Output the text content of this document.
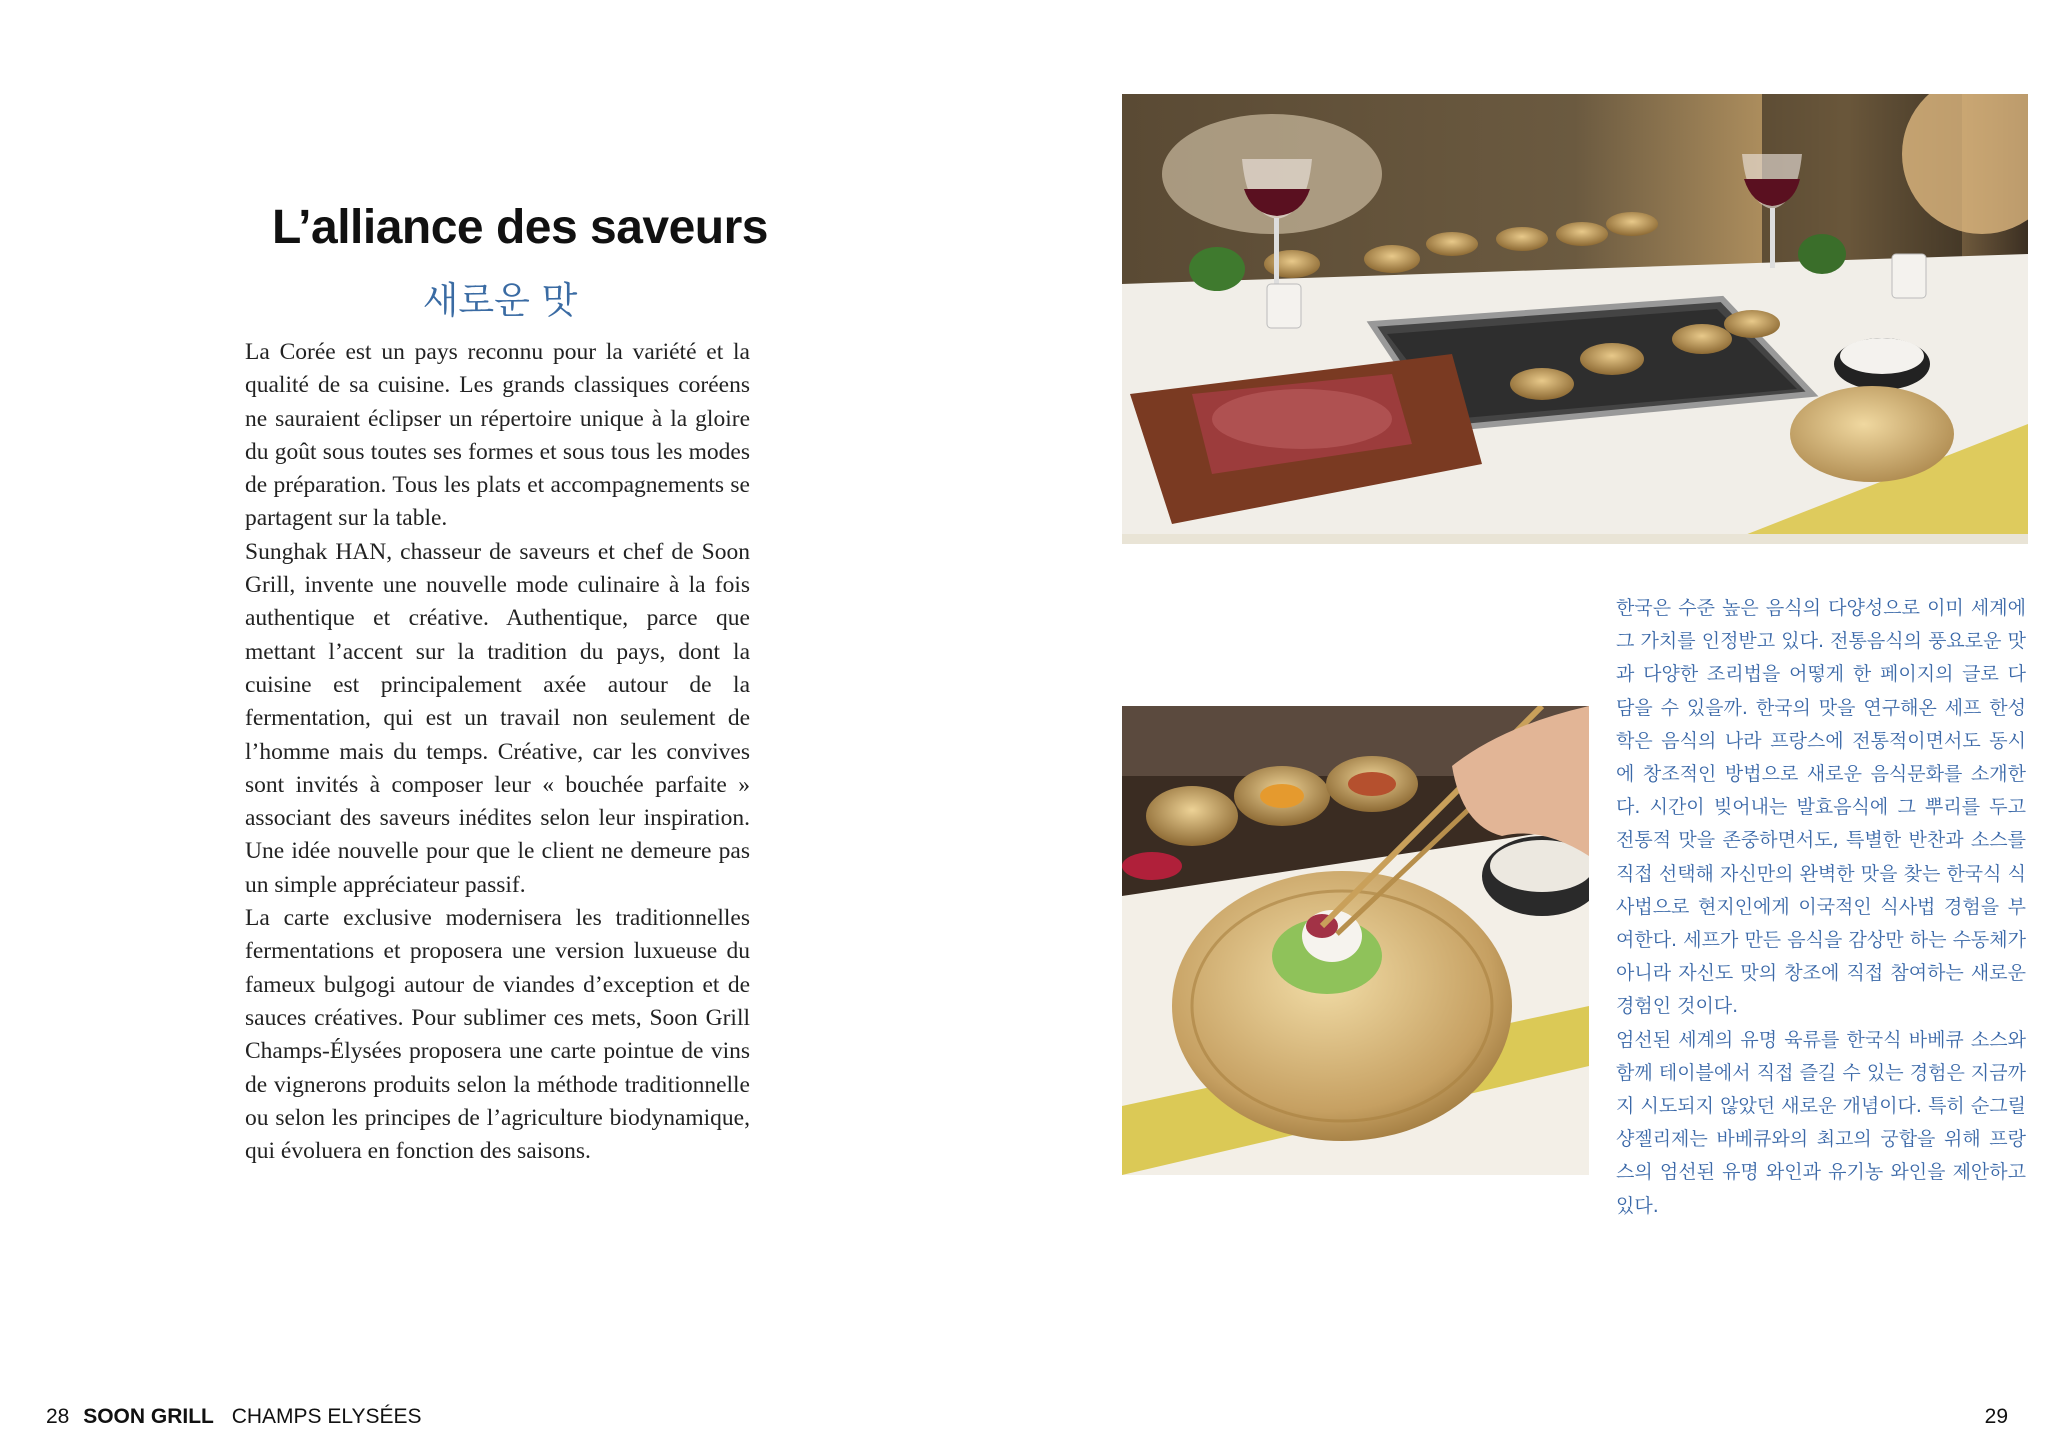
L’alliance des saveurs
새로운 맛

La Corée est un pays reconnu pour la variété et la qualité de sa cuisine. Les grands classiques coréens ne sauraient éclipser un répertoire unique à la gloire du goût sous toutes ses formes et sous tous les modes de préparation. Tous les plats et accompagnements se partagent sur la table.

Sunghak HAN, chasseur de saveurs et chef de Soon Grill, invente une nouvelle mode culinaire à la fois authentique et créative. Authentique, parce que mettant l’accent sur la tradition du pays, dont la cuisine est principalement axée autour de la fermentation, qui est un travail non seulement de l’homme mais du temps. Créative, car les convives sont invités à composer leur « bouchée parfaite » associant des saveurs inédites selon leur inspiration. Une idée nouvelle pour que le client ne demeure pas un simple appréciateur passif.

La carte exclusive modernisera les traditionnelles fermentations et proposera une version luxueuse du fameux bulgogi autour de viandes d’exception et de sauces créatives. Pour sublimer ces mets, Soon Grill Champs-Élysées proposera une carte pointue de vins de vignerons produits selon la méthode traditionnelle ou selon les principes de l’agriculture biodynamique, qui évoluera en fonction des saisons.

한국은 수준 높은 음식의 다양성으로 이미 세계에 그 가치를 인정받고 있다. 전통음식의 풍요로운 맛과 다양한 조리법을 어떻게 한 페이지의 글로 다 담을 수 있을까. 한국의 맛을 연구해온 세프 한성학은 음식의 나라 프랑스에 전통적이면서도 동시에 창조적인 방법으로 새로운 음식문화를 소개한다. 시간이 빚어내는 발효음식에 그 뿌리를 두고 전통적 맛을 존중하면서도, 특별한 반찬과 소스를 직접 선택해 자신만의 완벽한 맛을 찾는 한국식 식사법으로 현지인에게 이국적인 식사법 경험을 부여한다. 세프가 만든 음식을 감상만 하는 수동체가 아니라 자신도 맛의 창조에 직접 참여하는 새로운 경험인 것이다.

엄선된 세계의 유명 육류를 한국식 바베큐 소스와 함께 테이블에서 직접 즐길 수 있는 경험은 지금까지 시도되지 않았던 새로운 개념이다. 특히 순그릴 샹젤리제는 바베큐와의 최고의 궁합을 위해 프랑스의 엄선된 유명 와인과 유기농 와인을 제안하고 있다.

28 SOON GRILL CHAMPS ELYSÉES	29
